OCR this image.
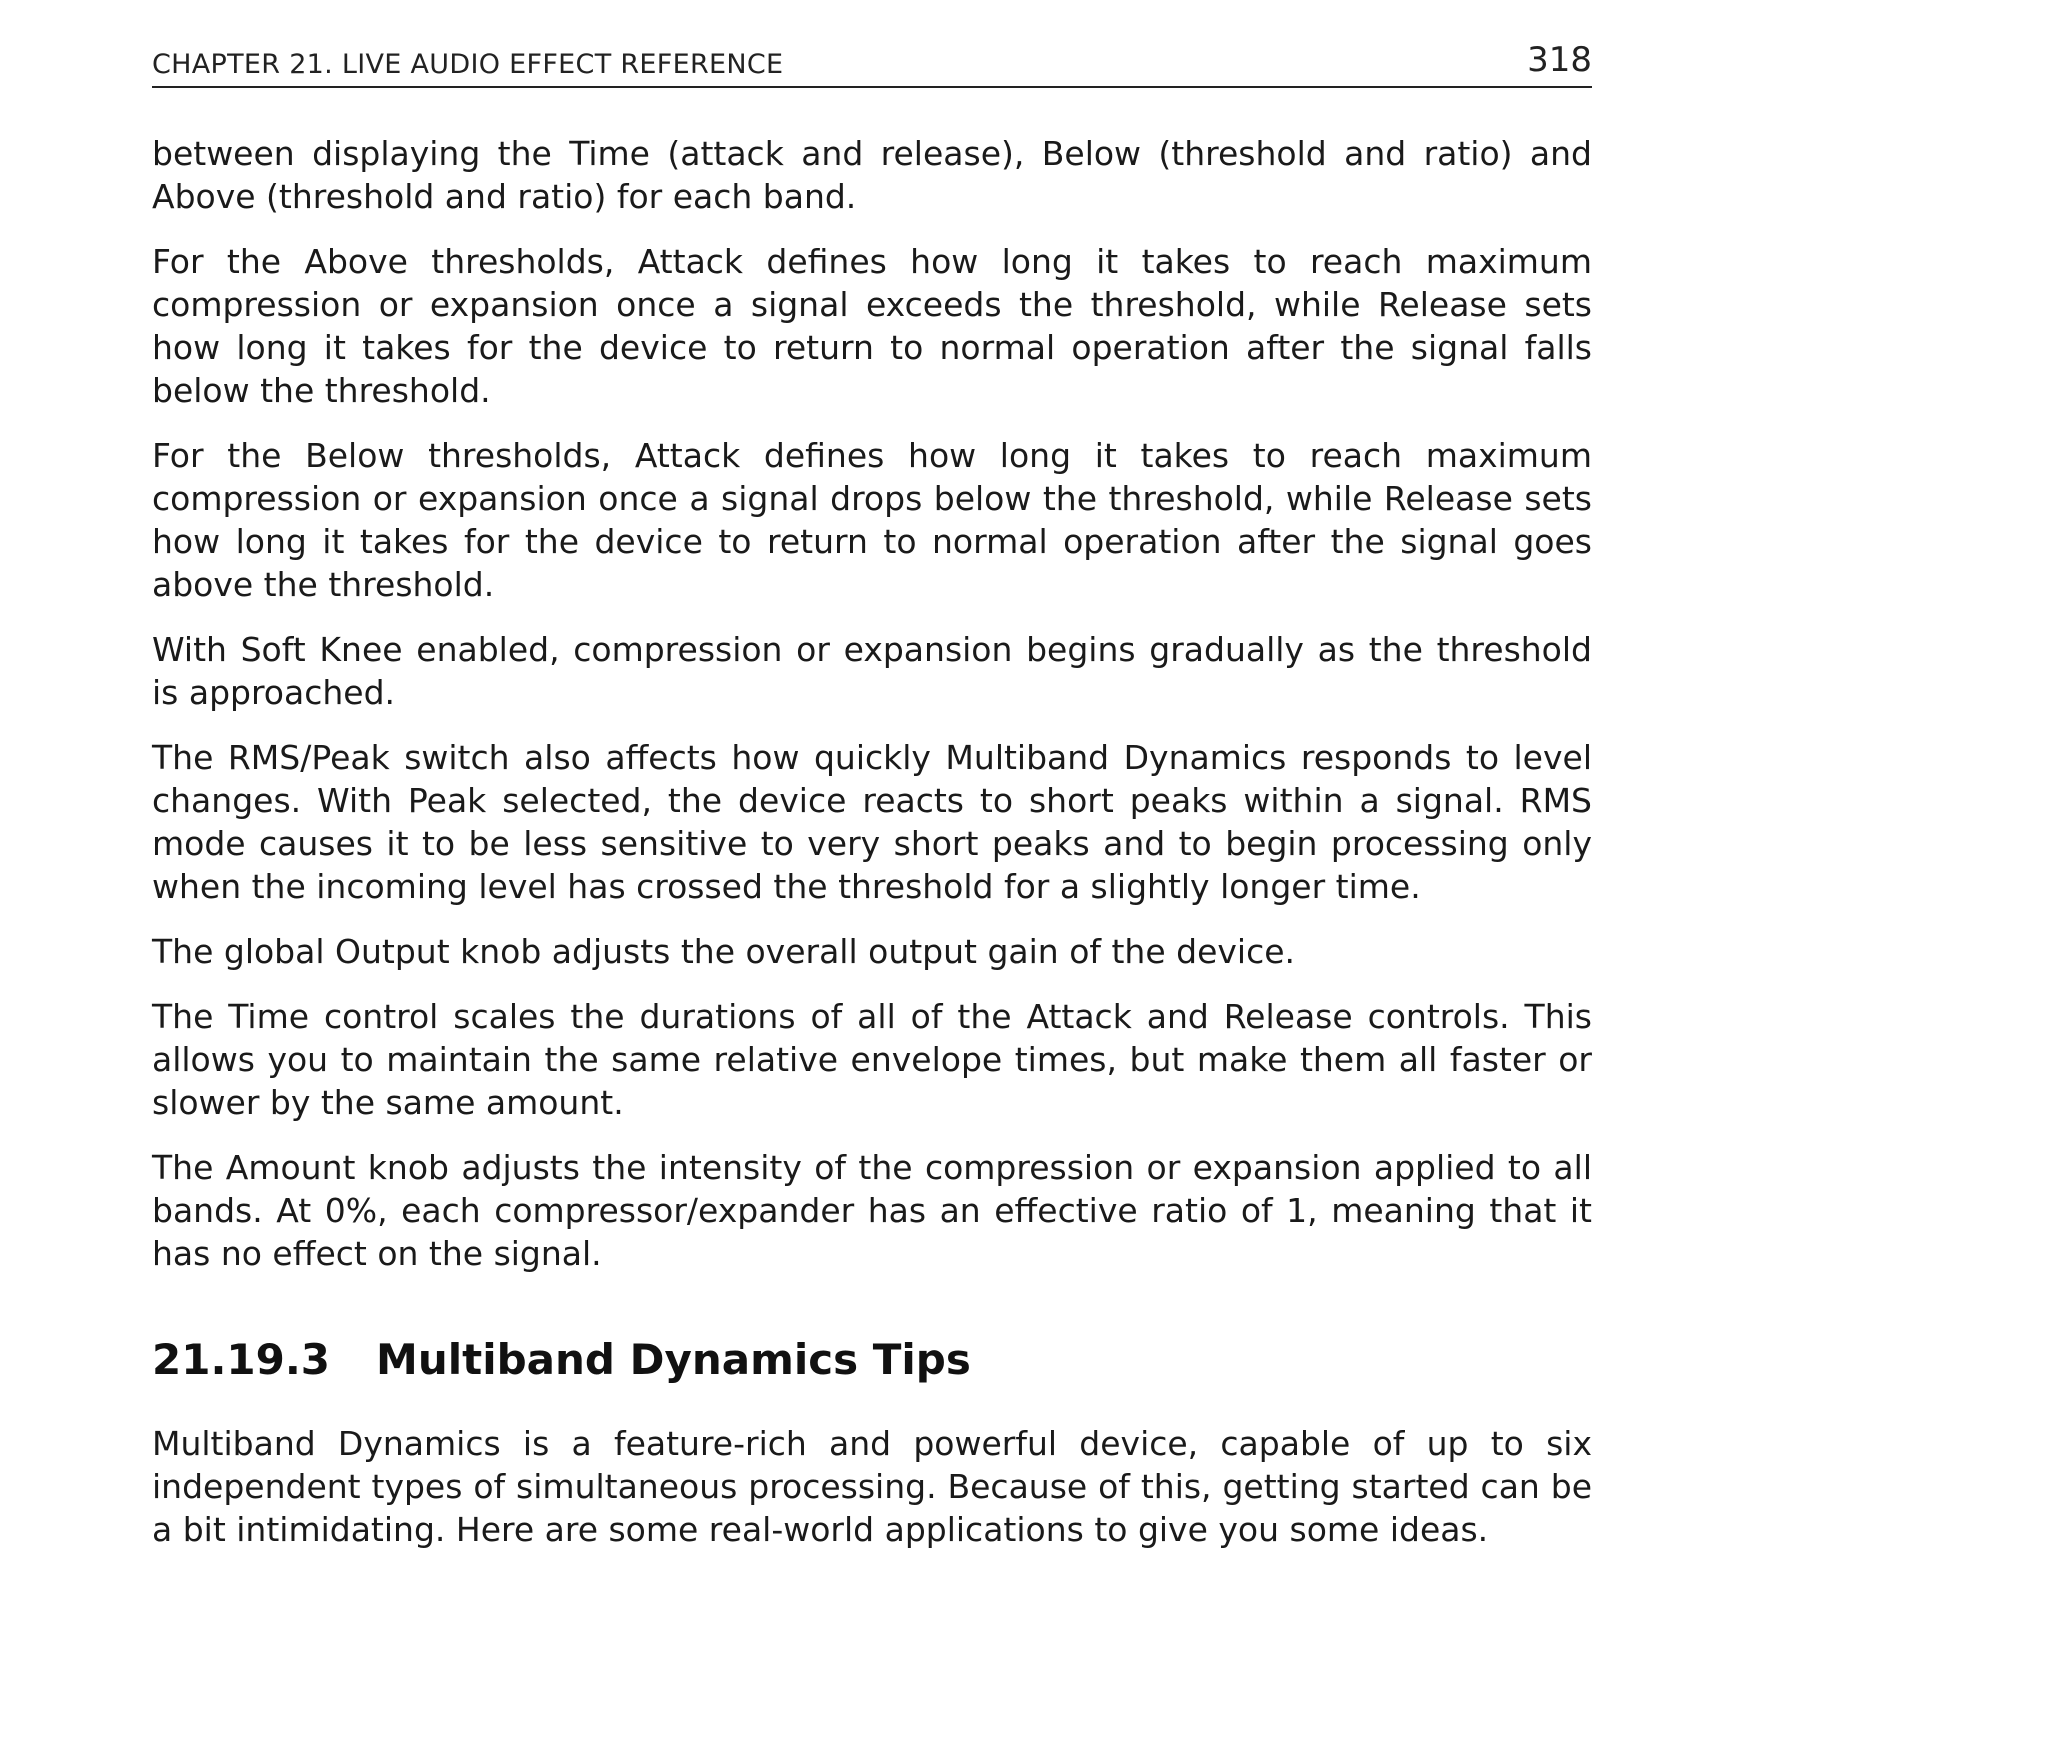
CHAPTER 21. LIVE AUDIO EFFECT REFERENCE	318

between displaying the Time (attack and release), Below (threshold and ratio) and Above (threshold and ratio) for each band.

For the Above thresholds, Attack defines how long it takes to reach maximum compression or expansion once a signal exceeds the threshold, while Release sets how long it takes for the device to return to normal operation after the signal falls below the threshold.

For the Below thresholds, Attack defines how long it takes to reach maximum compression or expansion once a signal drops below the threshold, while Release sets how long it takes for the device to return to normal operation after the signal goes above the threshold.

With Soft Knee enabled, compression or expansion begins gradually as the threshold is approached.

The RMS/Peak switch also affects how quickly Multiband Dynamics responds to level changes. With Peak selected, the device reacts to short peaks within a signal. RMS mode causes it to be less sensitive to very short peaks and to begin processing only when the incoming level has crossed the threshold for a slightly longer time.

The global Output knob adjusts the overall output gain of the device.

The Time control scales the durations of all of the Attack and Release controls. This allows you to maintain the same relative envelope times, but make them all faster or slower by the same amount.

The Amount knob adjusts the intensity of the compression or expansion applied to all bands. At 0%, each compressor/expander has an effective ratio of 1, meaning that it has no effect on the signal.

21.19.3 Multiband Dynamics Tips

Multiband Dynamics is a feature-rich and powerful device, capable of up to six independent types of simultaneous processing. Because of this, getting started can be a bit intimidating. Here are some real-world applications to give you some ideas.
